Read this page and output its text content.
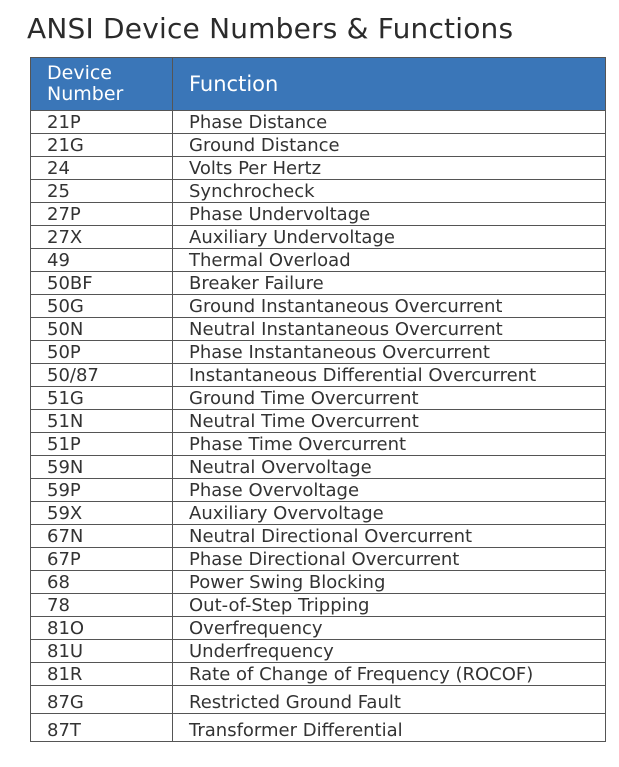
ANSI Device Numbers & Functions
Device Number	Function
21P	Phase Distance
21G	Ground Distance
24	Volts Per Hertz
25	Synchrocheck
27P	Phase Undervoltage
27X	Auxiliary Undervoltage
49	Thermal Overload
50BF	Breaker Failure
50G	Ground Instantaneous Overcurrent
50N	Neutral Instantaneous Overcurrent
50P	Phase Instantaneous Overcurrent
50/87	Instantaneous Differential Overcurrent
51G	Ground Time Overcurrent
51N	Neutral Time Overcurrent
51P	Phase Time Overcurrent
59N	Neutral Overvoltage
59P	Phase Overvoltage
59X	Auxiliary Overvoltage
67N	Neutral Directional Overcurrent
67P	Phase Directional Overcurrent
68	Power Swing Blocking
78	Out-of-Step Tripping
81O	Overfrequency
81U	Underfrequency
81R	Rate of Change of Frequency (ROCOF)
87G	Restricted Ground Fault
87T	Transformer Differential
